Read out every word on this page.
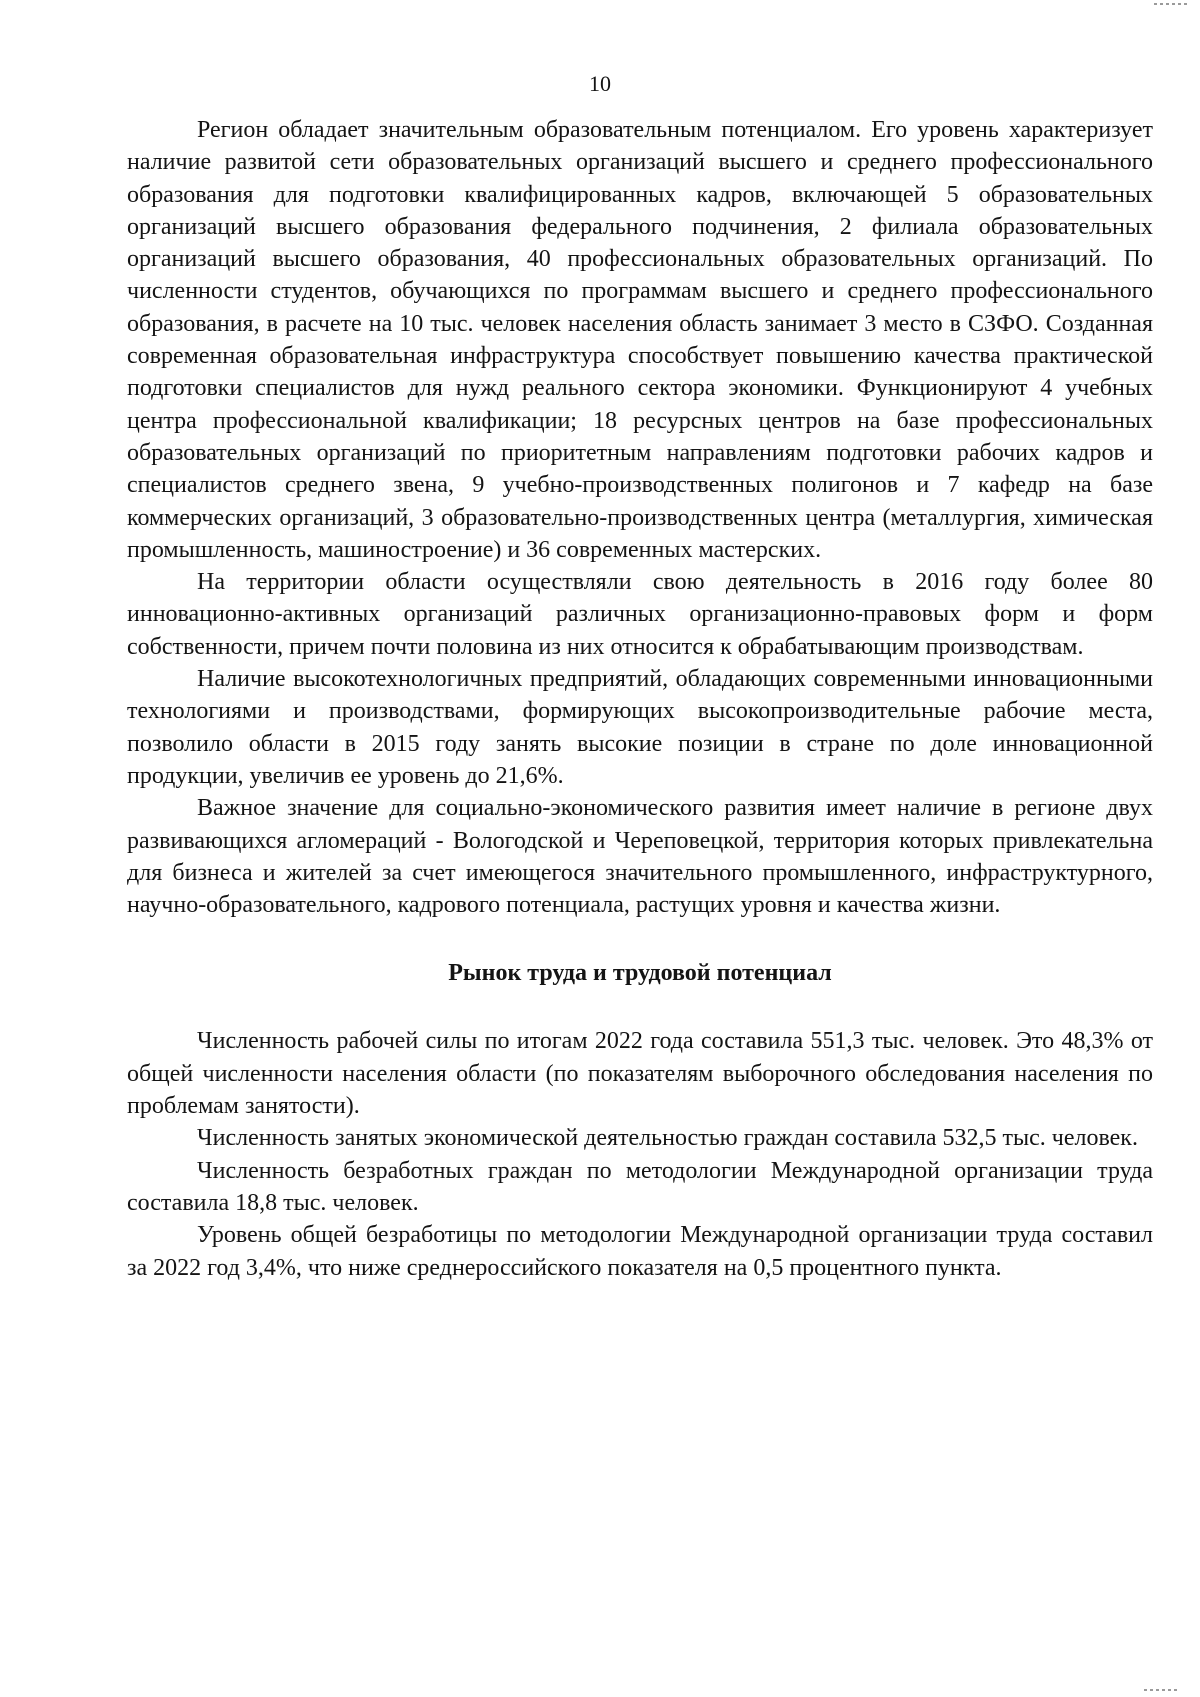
10

Регион обладает значительным образовательным потенциалом. Его уровень характеризует наличие развитой сети образовательных организаций высшего и среднего профессионального образования для подготовки квалифицированных кадров, включающей 5 образовательных организаций высшего образования федерального подчинения, 2 филиала образовательных организаций высшего образования, 40 профессиональных образовательных организаций. По численности студентов, обучающихся по программам высшего и среднего профессионального образования, в расчете на 10 тыс. человек населения область занимает 3 место в СЗФО. Созданная современная образовательная инфраструктура способствует повышению качества практической подготовки специалистов для нужд реального сектора экономики. Функционируют 4 учебных центра профессиональной квалификации; 18 ресурсных центров на базе профессиональных образовательных организаций по приоритетным направлениям подготовки рабочих кадров и специалистов среднего звена, 9 учебно-производственных полигонов и 7 кафедр на базе коммерческих организаций, 3 образовательно-производственных центра (металлургия, химическая промышленность, машиностроение) и 36 современных мастерских.

На территории области осуществляли свою деятельность в 2016 году более 80 инновационно-активных организаций различных организационно-правовых форм и форм собственности, причем почти половина из них относится к обрабатывающим производствам.

Наличие высокотехнологичных предприятий, обладающих современными инновационными технологиями и производствами, формирующих высокопроизводительные рабочие места, позволило области в 2015 году занять высокие позиции в стране по доле инновационной продукции, увеличив ее уровень до 21,6%.

Важное значение для социально-экономического развития имеет наличие в регионе двух развивающихся агломераций - Вологодской и Череповецкой, территория которых привлекательна для бизнеса и жителей за счет имеющегося значительного промышленного, инфраструктурного, научно-образовательного, кадрового потенциала, растущих уровня и качества жизни.

Рынок труда и трудовой потенциал

Численность рабочей силы по итогам 2022 года составила 551,3 тыс. человек. Это 48,3% от общей численности населения области (по показателям выборочного обследования населения по проблемам занятости).

Численность занятых экономической деятельностью граждан составила 532,5 тыс. человек.

Численность безработных граждан по методологии Международной организации труда составила 18,8 тыс. человек.

Уровень общей безработицы по методологии Международной организации труда составил за 2022 год 3,4%, что ниже среднероссийского показателя на 0,5 процентного пункта.
